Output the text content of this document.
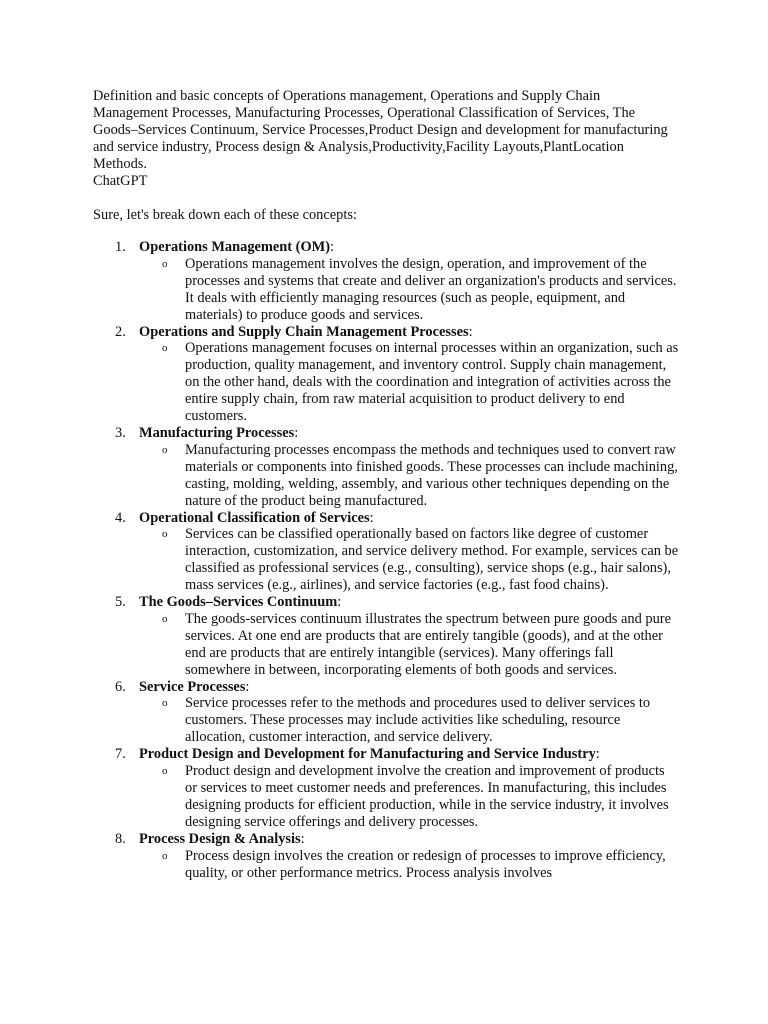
Definition and basic concepts of Operations management, Operations and Supply Chain Management Processes, Manufacturing Processes, Operational Classification of Services, The Goods–Services Continuum, Service Processes,Product Design and development for manufacturing and service industry, Process design & Analysis,Productivity,Facility Layouts,PlantLocation Methods.

ChatGPT

Sure, let's break down each of these concepts:

1. Operations Management (OM):
o Operations management involves the design, operation, and improvement of the processes and systems that create and deliver an organization's products and services. It deals with efficiently managing resources (such as people, equipment, and materials) to produce goods and services.
2. Operations and Supply Chain Management Processes:
o Operations management focuses on internal processes within an organization, such as production, quality management, and inventory control. Supply chain management, on the other hand, deals with the coordination and integration of activities across the entire supply chain, from raw material acquisition to product delivery to end customers.
3. Manufacturing Processes:
o Manufacturing processes encompass the methods and techniques used to convert raw materials or components into finished goods. These processes can include machining, casting, molding, welding, assembly, and various other techniques depending on the nature of the product being manufactured.
4. Operational Classification of Services:
o Services can be classified operationally based on factors like degree of customer interaction, customization, and service delivery method. For example, services can be classified as professional services (e.g., consulting), service shops (e.g., hair salons), mass services (e.g., airlines), and service factories (e.g., fast food chains).
5. The Goods–Services Continuum:
o The goods-services continuum illustrates the spectrum between pure goods and pure services. At one end are products that are entirely tangible (goods), and at the other end are products that are entirely intangible (services). Many offerings fall somewhere in between, incorporating elements of both goods and services.
6. Service Processes:
o Service processes refer to the methods and procedures used to deliver services to customers. These processes may include activities like scheduling, resource allocation, customer interaction, and service delivery.
7. Product Design and Development for Manufacturing and Service Industry:
o Product design and development involve the creation and improvement of products or services to meet customer needs and preferences. In manufacturing, this includes designing products for efficient production, while in the service industry, it involves designing service offerings and delivery processes.
8. Process Design & Analysis:
o Process design involves the creation or redesign of processes to improve efficiency, quality, or other performance metrics. Process analysis involves
